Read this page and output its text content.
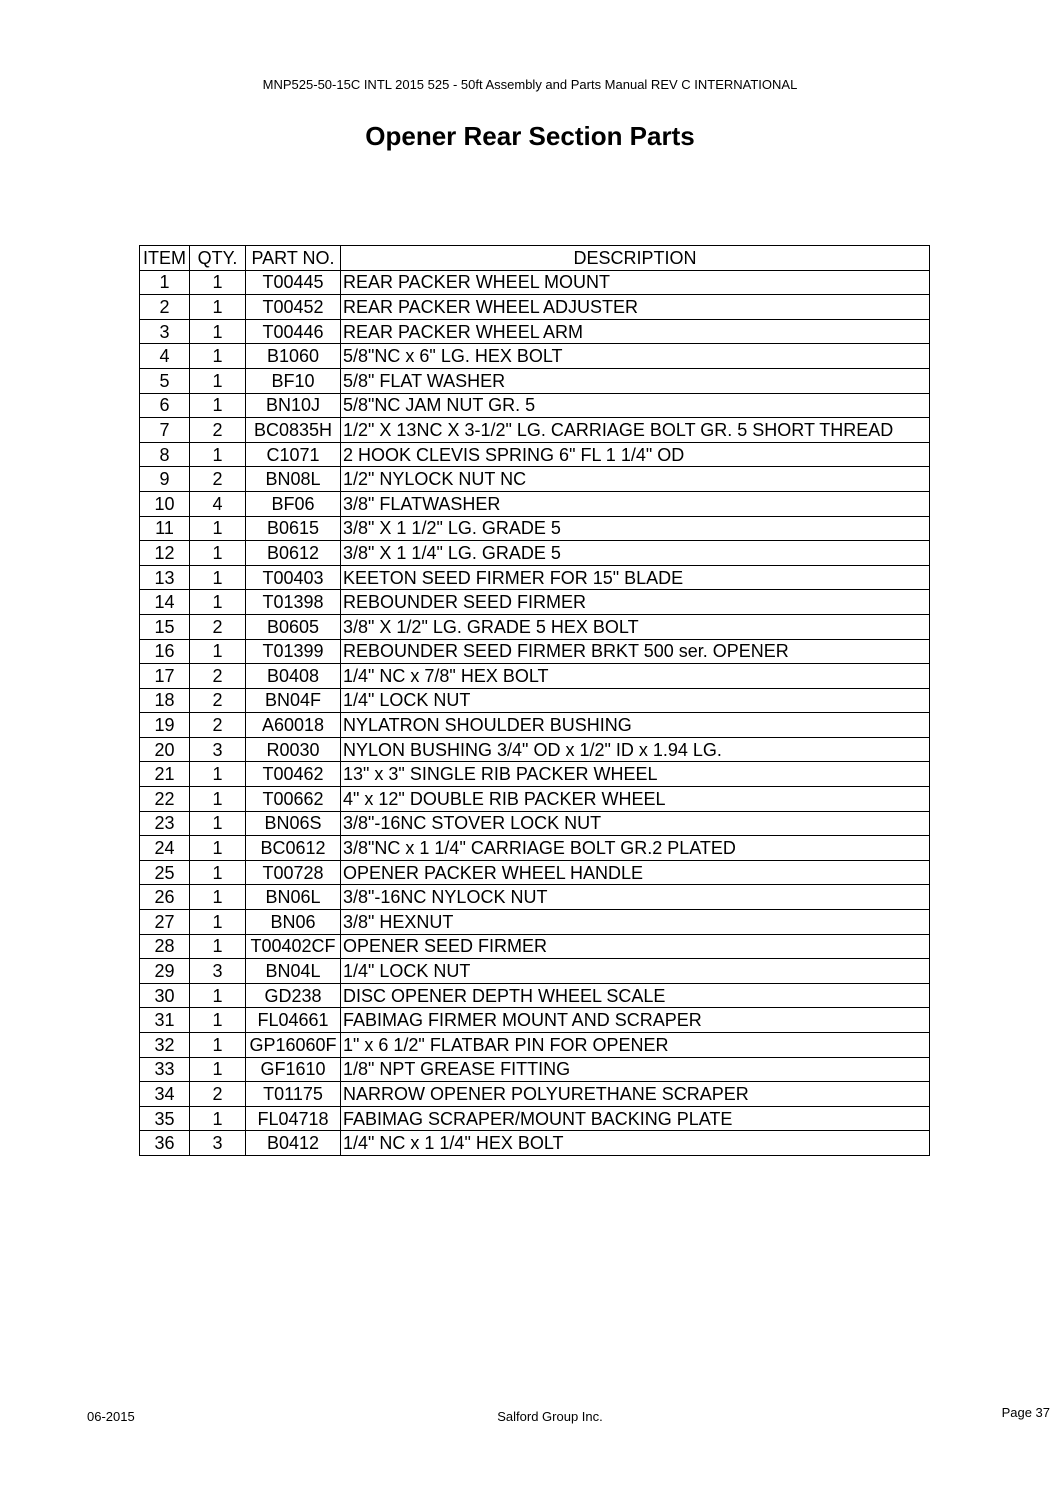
MNP525-50-15C INTL 2015 525 - 50ft Assembly and Parts Manual REV C INTERNATIONAL
Opener Rear Section Parts
ITEM	QTY.	PART NO.	DESCRIPTION
1	1	T00445	REAR PACKER WHEEL MOUNT
2	1	T00452	REAR PACKER WHEEL ADJUSTER
3	1	T00446	REAR PACKER WHEEL ARM
4	1	B1060	5/8"NC x 6" LG. HEX BOLT
5	1	BF10	5/8" FLAT WASHER
6	1	BN10J	5/8"NC JAM NUT GR. 5
7	2	BC0835H	1/2" X 13NC X 3-1/2" LG. CARRIAGE BOLT GR. 5 SHORT THREAD
8	1	C1071	2 HOOK CLEVIS SPRING 6" FL 1 1/4" OD
9	2	BN08L	1/2" NYLOCK NUT NC
10	4	BF06	3/8" FLATWASHER
11	1	B0615	3/8" X 1 1/2" LG. GRADE 5
12	1	B0612	3/8" X 1 1/4" LG. GRADE 5
13	1	T00403	KEETON SEED FIRMER FOR 15" BLADE
14	1	T01398	REBOUNDER SEED FIRMER
15	2	B0605	3/8" X 1/2" LG. GRADE 5 HEX BOLT
16	1	T01399	REBOUNDER SEED FIRMER BRKT 500 ser. OPENER
17	2	B0408	1/4" NC x 7/8" HEX BOLT
18	2	BN04F	1/4" LOCK NUT
19	2	A60018	NYLATRON SHOULDER BUSHING
20	3	R0030	NYLON BUSHING 3/4" OD x 1/2" ID x 1.94 LG.
21	1	T00462	13" x 3" SINGLE RIB PACKER WHEEL
22	1	T00662	4" x 12" DOUBLE RIB PACKER WHEEL
23	1	BN06S	3/8"-16NC STOVER LOCK NUT
24	1	BC0612	3/8"NC x 1 1/4" CARRIAGE BOLT GR.2 PLATED
25	1	T00728	OPENER PACKER WHEEL HANDLE
26	1	BN06L	3/8"-16NC NYLOCK NUT
27	1	BN06	3/8" HEXNUT
28	1	T00402CF	OPENER SEED FIRMER
29	3	BN04L	1/4" LOCK NUT
30	1	GD238	DISC OPENER DEPTH WHEEL SCALE
31	1	FL04661	FABIMAG FIRMER MOUNT AND SCRAPER
32	1	GP16060F	1" x 6 1/2" FLATBAR PIN FOR OPENER
33	1	GF1610	1/8" NPT GREASE FITTING
34	2	T01175	NARROW OPENER POLYURETHANE SCRAPER
35	1	FL04718	FABIMAG SCRAPER/MOUNT BACKING PLATE
36	3	B0412	1/4" NC x 1 1/4" HEX BOLT
06-2015	Salford Group Inc.	Page 37
